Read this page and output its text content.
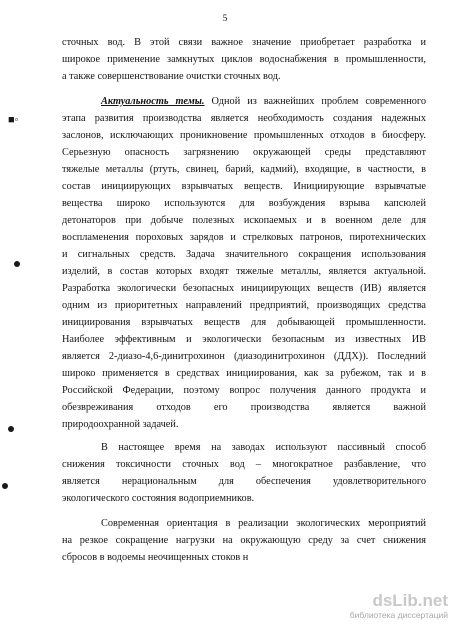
5
сточных вод. В этой связи важное значение приобретает разработка и
широкое применение замкнутых циклов водоснабжения в промышленности,
а также совершенствование очистки сточных вод.
Актуальность темы. Одной из важнейших проблем современного
этапа развития производства является необходимость создания надежных
заслонов, исключающих проникновение промышленных отходов в биосферу.
Серьезную опасность загрязнению окружающей среды представляют
тяжелые металлы (ртуть, свинец, барий, кадмий), входящие, в частности, в
состав инициирующих взрывчатых веществ. Инициирующие взрывчатые
вещества широко используются для возбуждения взрыва капсюлей
детонаторов при добыче полезных ископаемых и в военном деле для
воспламенения пороховых зарядов и стрелковых патронов, пиротехнических
и сигнальных средств. Задача значительного сокращения использования
изделий, в состав которых входят тяжелые металлы, является актуальной.
Разработка экологически безопасных инициирующих веществ (ИВ) является
одним из приоритетных направлений предприятий, производящих средства
инициирования взрывчатых веществ для добывающей промышленности.
Наиболее эффективным и экологически безопасным из известных ИВ
является 2-диазо-4,6-динитрохинон (диазодинитрохинон (ДДХ)). Последний
широко применяется в средствах инициирования, как за рубежом, так и в
Российской Федерации, поэтому вопрос получения данного продукта и
обезвреживания отходов его производства является важной
природоохранной задачей.
В настоящее время на заводах используют пассивный способ
снижения токсичности сточных вод – многократное разбавление, что
является нерациональным для обеспечения удовлетворительного
экологического состояния водоприемников.
Современная ориентация в реализации экологических мероприятий
на резкое сокращение нагрузки на окружающую среду за счет снижения
сбросов в водоемы неочищенных стоков н
■◦
dsLib.net
библиотека диссертаций
